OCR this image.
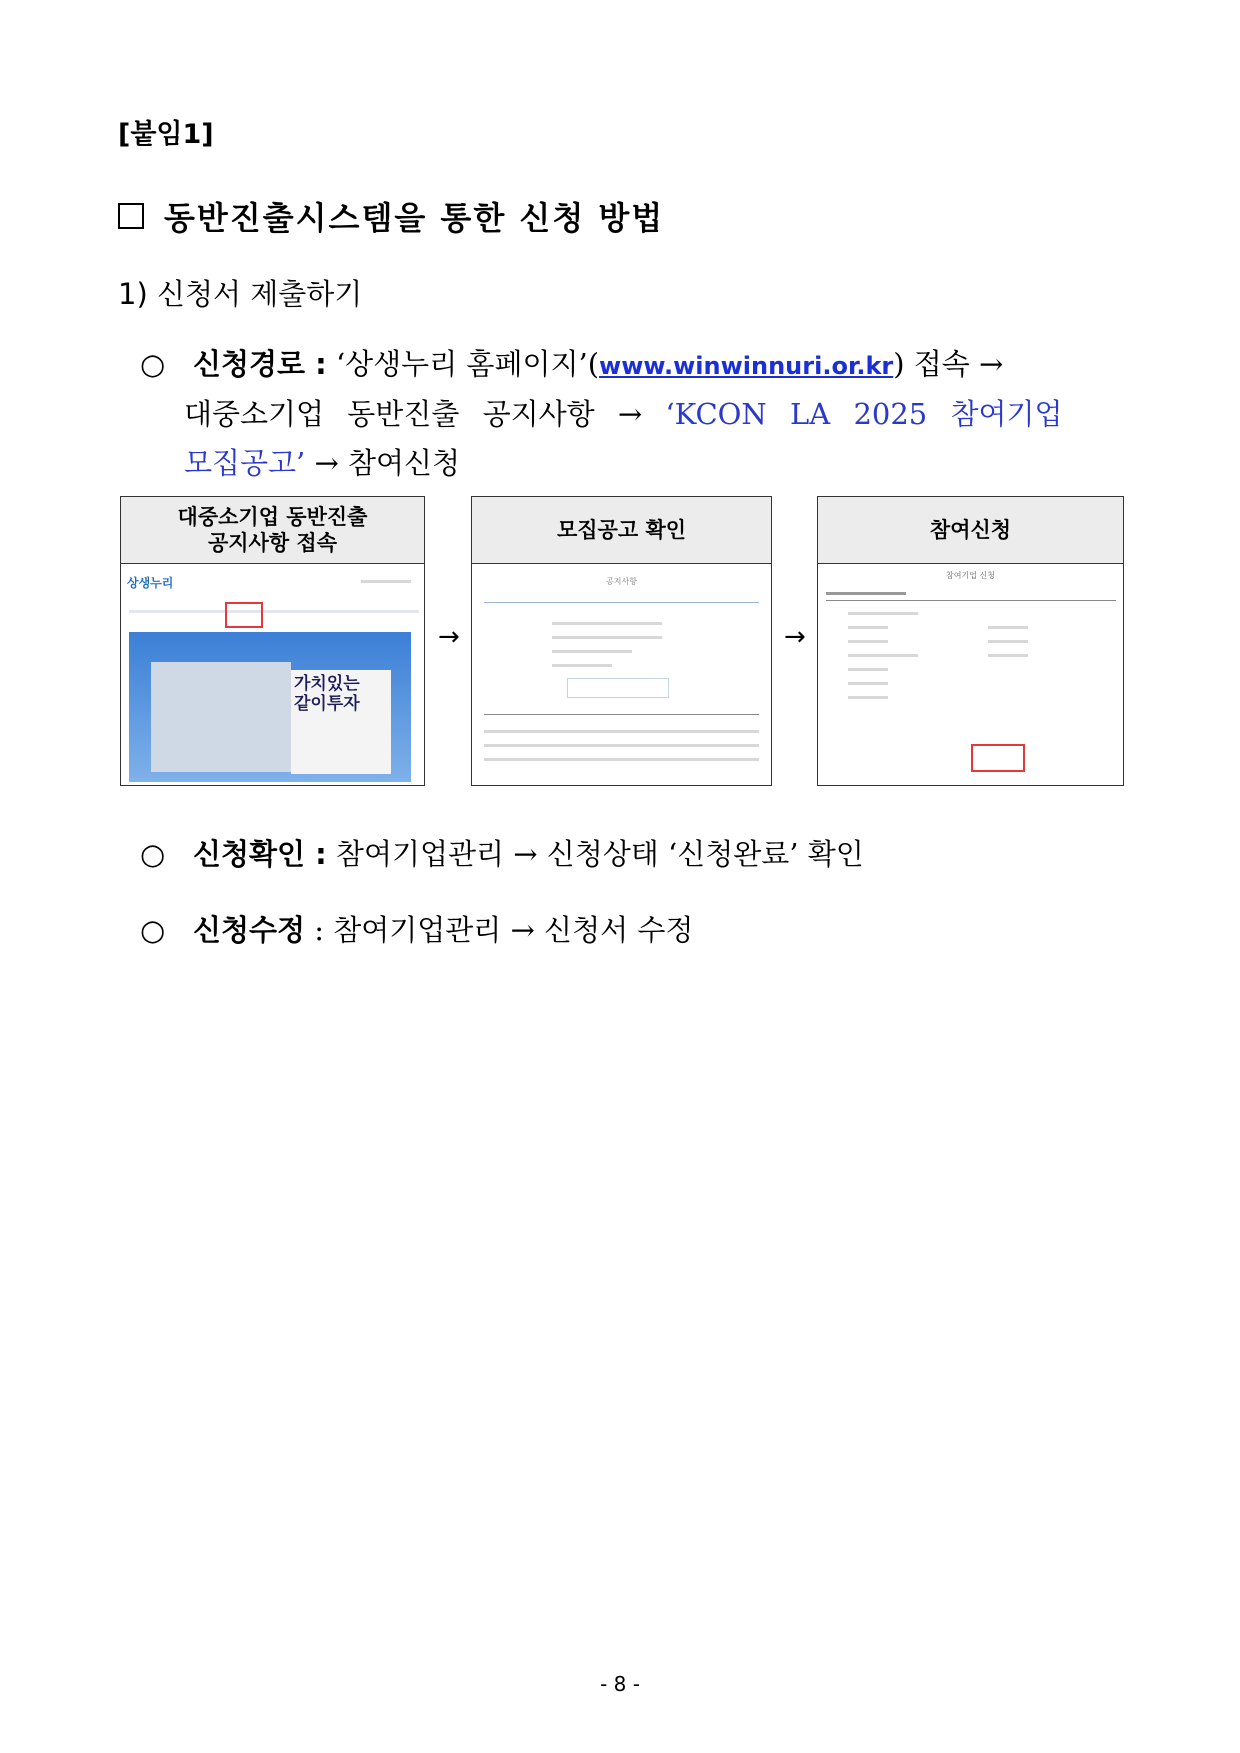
[붙임1]
동반진출시스템을 통한 신청 방법
1) 신청서 제출하기
○ 신청경로 : ‘상생누리 홈페이지’(www.winwinnuri.or.kr) 접속 →
대중소기업 동반진출 공지사항 → ‘KCON LA 2025 참여기업
모집공고’ → 참여신청
대중소기업 동반진출
공지사항 접속
상생누리
가치있는
같이투자
→
모집공고 확인
공지사항
→
참여신청
참여기업 신청
○ 신청확인 : 참여기업관리 → 신청상태 ‘신청완료’ 확인
○ 신청수정 : 참여기업관리 → 신청서 수정
- 8 -
